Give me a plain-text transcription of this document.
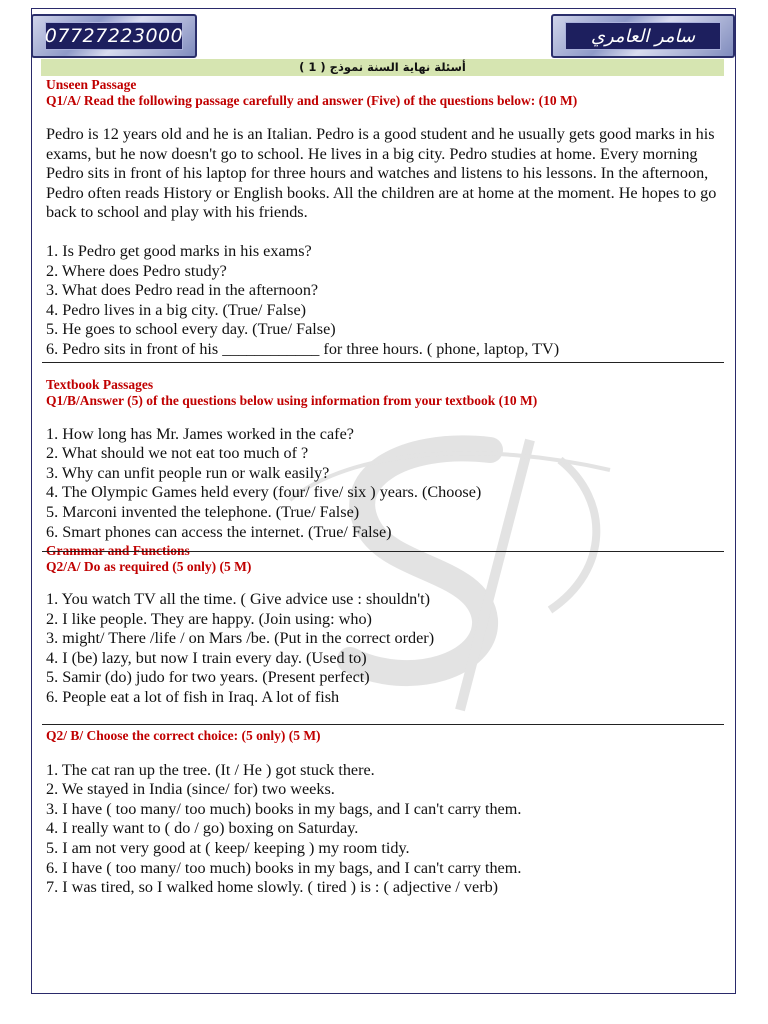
07727223000	سامر العامري
أسئلة نهاية السنة نموذج ( 1 )

Unseen Passage

Q1/A/ Read the following passage carefully and answer (Five) of the questions below: (10 M)

Pedro is 12 years old and he is an Italian. Pedro is a good student and he usually gets good marks in his exams, but he now doesn't go to school. He lives in a big city. Pedro studies at home. Every morning Pedro sits in front of his laptop for three hours and watches and listens to his lessons. In the afternoon, Pedro often reads History or English books. All the children are at home at the moment. He hopes to go back to school and play with his friends.

1. Is Pedro get good marks in his exams?
2. Where does Pedro study?
3. What does Pedro read in the afternoon?
4. Pedro lives in a big city. (True/ False)
5. He goes to school every day. (True/ False)
6. Pedro sits in front of his ____________ for three hours. ( phone, laptop, TV)

Textbook Passages

Q1/B/Answer (5) of the questions below using information from your textbook (10 M)

1. How long has Mr. James worked in the cafe?
2. What should we not eat too much of ?
3. Why can unfit people run or walk easily?
4. The Olympic Games held every (four/ five/ six ) years. (Choose)
5. Marconi invented the telephone. (True/ False)
6. Smart phones can access the internet. (True/ False)

Grammar and Functions

Q2/A/ Do as required (5 only) (5 M)

1. You watch TV all the time. ( Give advice use : shouldn't)
2. I like people. They are happy. (Join using: who)
3. might/ There /life / on Mars /be. (Put in the correct order)
4. I (be) lazy, but now I train every day. (Used to)
5. Samir (do) judo for two years. (Present perfect)
6. People eat a lot of fish in Iraq. A lot of fish

Q2/ B/ Choose the correct choice: (5 only) (5 M)

1. The cat ran up the tree. (It / He ) got stuck there.
2. We stayed in India (since/ for) two weeks.
3. I have ( too many/ too much) books in my bags, and I can't carry them.
4. I really want to ( do / go) boxing on Saturday.
5. I am not very good at ( keep/ keeping ) my room tidy.
6. I have ( too many/ too much) books in my bags, and I can't carry them.
7. I was tired, so I walked home slowly. ( tired ) is : ( adjective / verb)
